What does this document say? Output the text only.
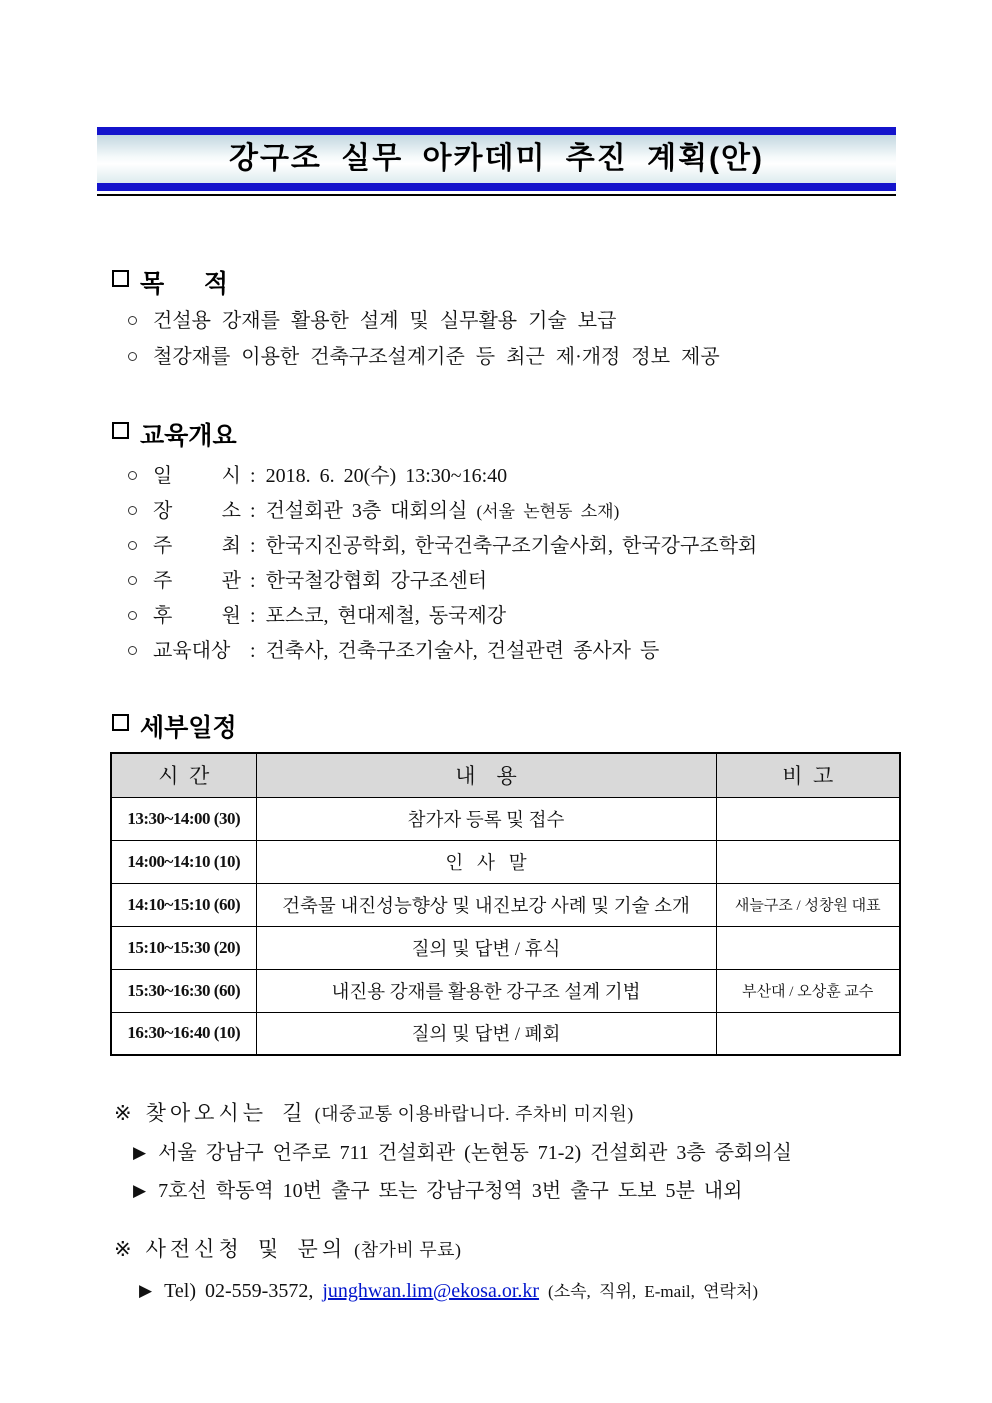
강구조 실무 아카데미 추진 계획(안)
목 적
건설용 강재를 활용한 설계 및 실무활용 기술 보급
철강재를 이용한 건축구조설계기준 등 최근 제·개정 정보 제공
교육개요
일 시 : 2018. 6. 20(수) 13:30~16:40
장 소 : 건설회관 3층 대회의실 (서울 논현동 소재)
주 최 : 한국지진공학회, 한국건축구조기술사회, 한국강구조학회
주 관 : 한국철강협회 강구조센터
후 원 : 포스코, 현대제철, 동국제강
교육대상 : 건축사, 건축구조기술사, 건설관련 종사자 등
세부일정
시  간	내    용	비  고
13:30~14:00 (30)	참가자 등록 및 접수	
14:00~14:10 (10)	인   사   말	
14:10~15:10 (60)	건축물 내진성능향상 및 내진보강 사례 및 기술 소개	새늘구조 / 성창원 대표
15:10~15:30 (20)	질의 및 답변 / 휴식	
15:30~16:30 (60)	내진용 강재를 활용한 강구조 설계 기법	부산대 / 오상훈 교수
16:30~16:40 (10)	질의 및 답변 / 폐회	
※ 찾아오시는 길 (대중교통 이용바랍니다. 주차비 미지원)
▶ 서울 강남구 언주로 711 건설회관 (논현동 71-2) 건설회관 3층 중회의실
▶ 7호선 학동역 10번 출구 또는 강남구청역 3번 출구 도보 5분 내외
※ 사전신청 및 문의 (참가비 무료)
▶ Tel) 02-559-3572, junghwan.lim@ekosa.or.kr (소속, 직위, E-mail, 연락처)
